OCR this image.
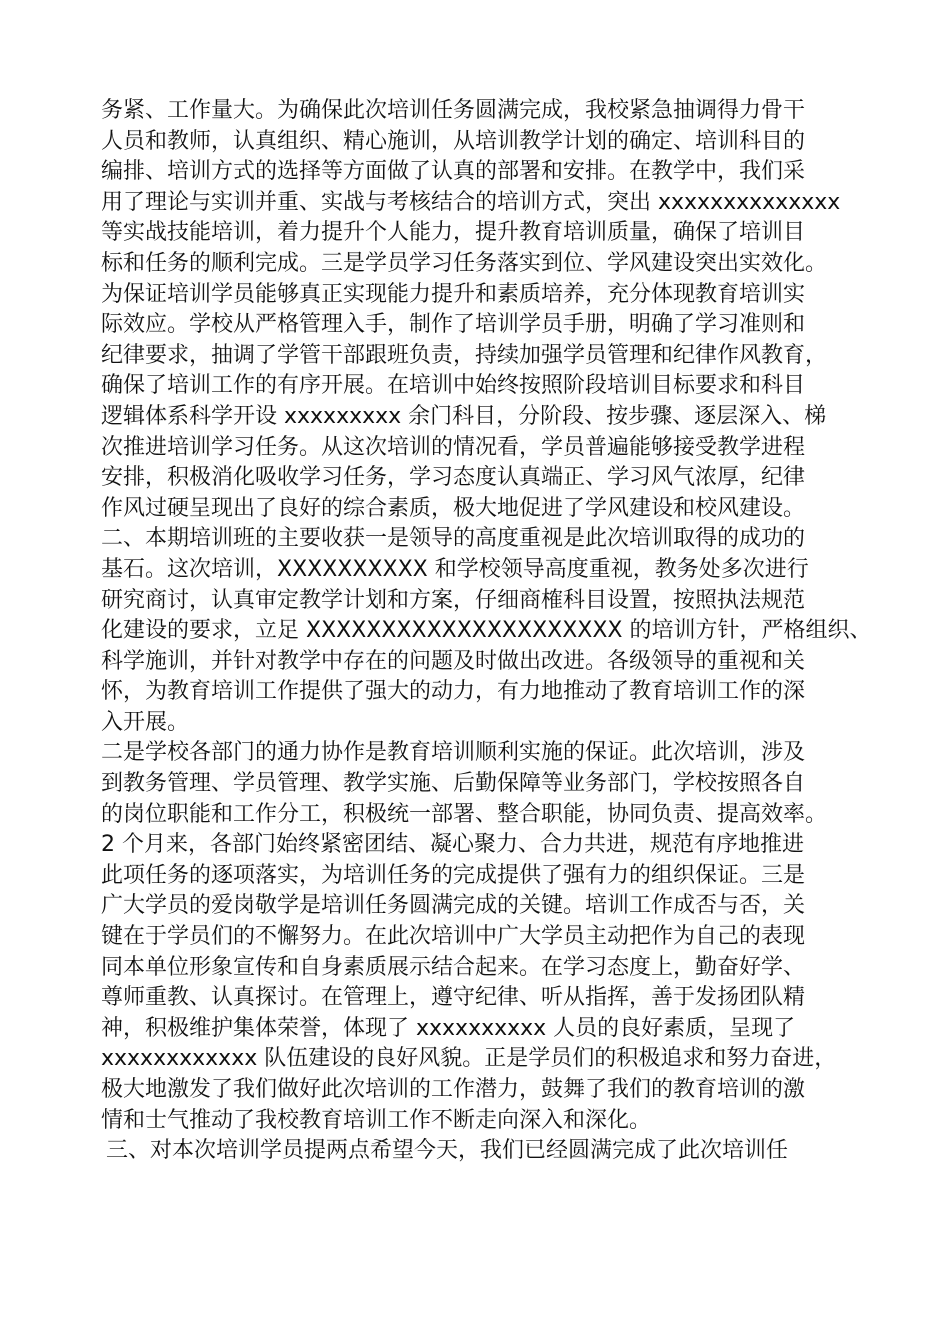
务紧、工作量大。为确保此次培训任务圆满完成，我校紧急抽调得力骨干
人员和教师，认真组织、精心施训，从培训教学计划的确定、培训科目的
编排、培训方式的选择等方面做了认真的部署和安排。在教学中，我们采
用了理论与实训并重、实战与考核结合的培训方式，突出 xxxxxxxxxxxxxx
等实战技能培训，着力提升个人能力，提升教育培训质量，确保了培训目
标和任务的顺利完成。三是学员学习任务落实到位、学风建设突出实效化。
为保证培训学员能够真正实现能力提升和素质培养，充分体现教育培训实
际效应。学校从严格管理入手，制作了培训学员手册，明确了学习准则和
纪律要求，抽调了学管干部跟班负责，持续加强学员管理和纪律作风教育，
确保了培训工作的有序开展。在培训中始终按照阶段培训目标要求和科目
逻辑体系科学开设 xxxxxxxxx 余门科目，分阶段、按步骤、逐层深入、梯
次推进培训学习任务。从这次培训的情况看，学员普遍能够接受教学进程
安排，积极消化吸收学习任务，学习态度认真端正、学习风气浓厚，纪律
作风过硬呈现出了良好的综合素质，极大地促进了学风建设和校风建设。
二、本期培训班的主要收获一是领导的高度重视是此次培训取得的成功的
基石。这次培训，XXXXXXXXXX 和学校领导高度重视，教务处多次进行
研究商讨，认真审定教学计划和方案，仔细商榷科目设置，按照执法规范
化建设的要求，立足 XXXXXXXXXXXXXXXXXXXXX 的培训方针，严格组织、
科学施训，并针对教学中存在的问题及时做出改进。各级领导的重视和关
怀，为教育培训工作提供了强大的动力，有力地推动了教育培训工作的深
入开展。
二是学校各部门的通力协作是教育培训顺利实施的保证。此次培训，涉及
到教务管理、学员管理、教学实施、后勤保障等业务部门，学校按照各自
的岗位职能和工作分工，积极统一部署、整合职能，协同负责、提高效率。
2 个月来，各部门始终紧密团结、凝心聚力、合力共进，规范有序地推进
此项任务的逐项落实，为培训任务的完成提供了强有力的组织保证。三是
广大学员的爱岗敬学是培训任务圆满完成的关键。培训工作成否与否，关
键在于学员们的不懈努力。在此次培训中广大学员主动把作为自己的表现
同本单位形象宣传和自身素质展示结合起来。在学习态度上，勤奋好学、
尊师重教、认真探讨。在管理上，遵守纪律、听从指挥，善于发扬团队精
神，积极维护集体荣誉，体现了 xxxxxxxxxx 人员的良好素质，呈现了
xxxxxxxxxxxx 队伍建设的良好风貌。正是学员们的积极追求和努力奋进，
极大地激发了我们做好此次培训的工作潜力，鼓舞了我们的教育培训的激
情和士气推动了我校教育培训工作不断走向深入和深化。
三、对本次培训学员提两点希望今天，我们已经圆满完成了此次培训任
